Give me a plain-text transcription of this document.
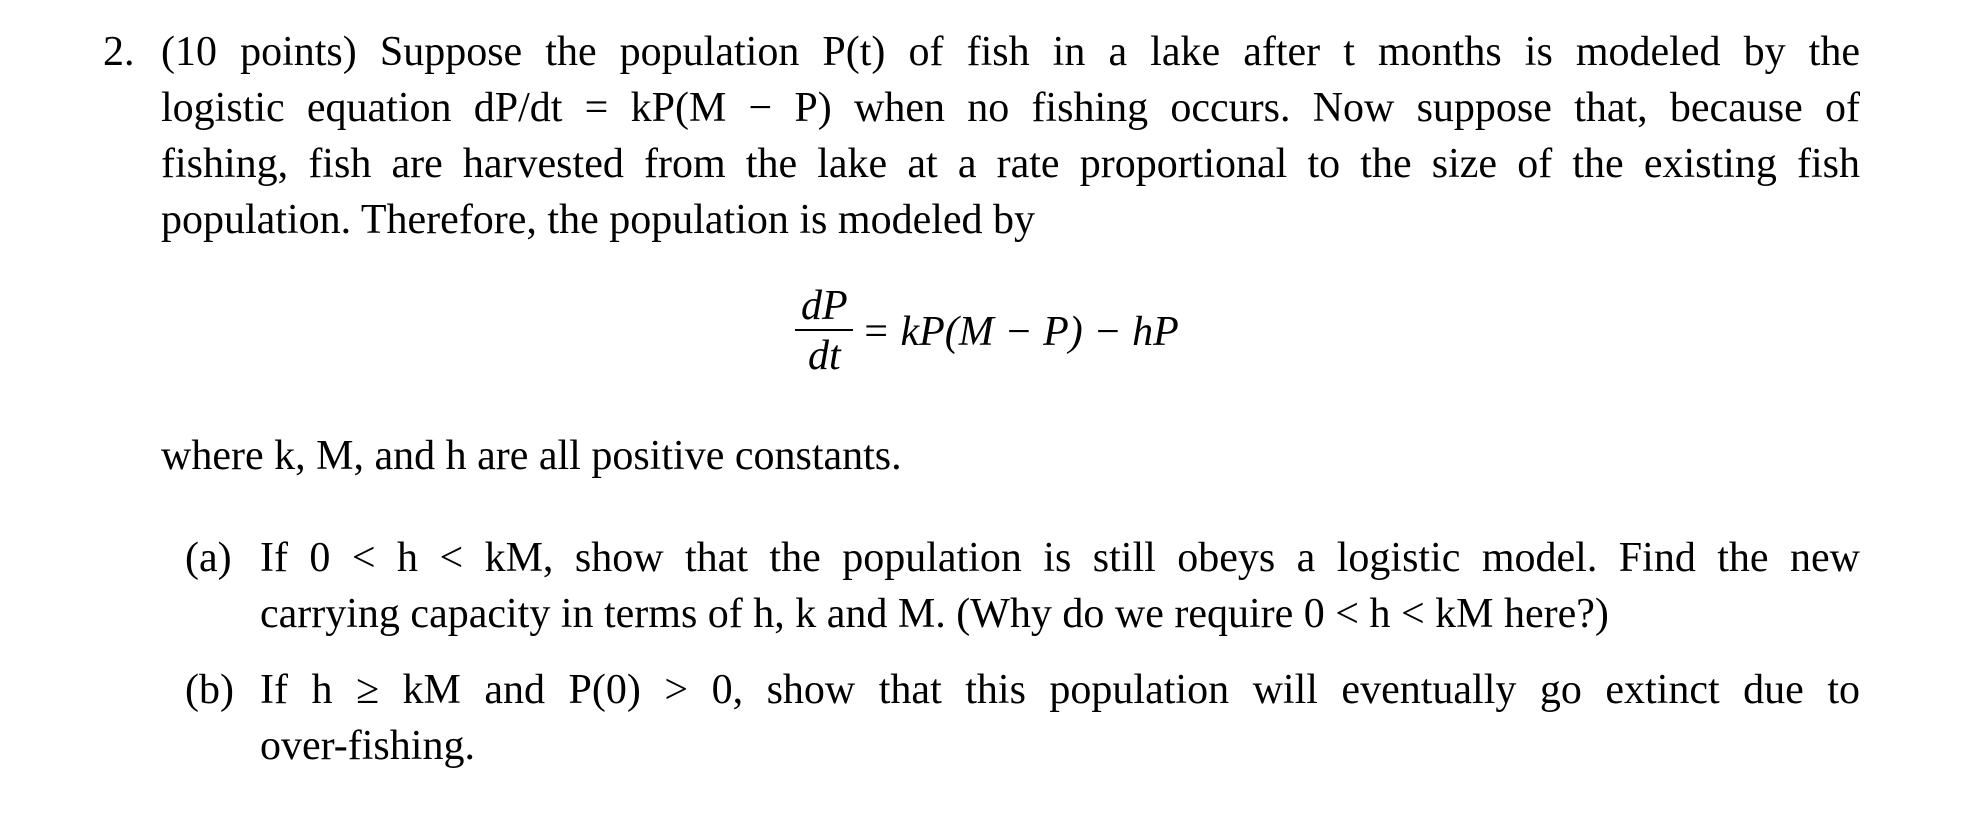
2. (10 points) Suppose the population P(t) of fish in a lake after t months is modeled by the
logistic equation dP/dt = kP(M − P) when no fishing occurs. Now suppose that, because of
fishing, fish are harvested from the lake at a rate proportional to the size of the existing fish
population. Therefore, the population is modeled by
$\frac{dP}{dt} = kP(M - P)$ − hP
where k, M, and h are all positive constants.
(a) If 0 < h < kM, show that the population is still obeys a logistic model. Find the new
carrying capacity in terms of h, k and M. (Why do we require 0 < h < kM here?)
(b) If h ≥ kM and P(0) > 0, show that this population will eventually go extinct due to
over-fishing.
